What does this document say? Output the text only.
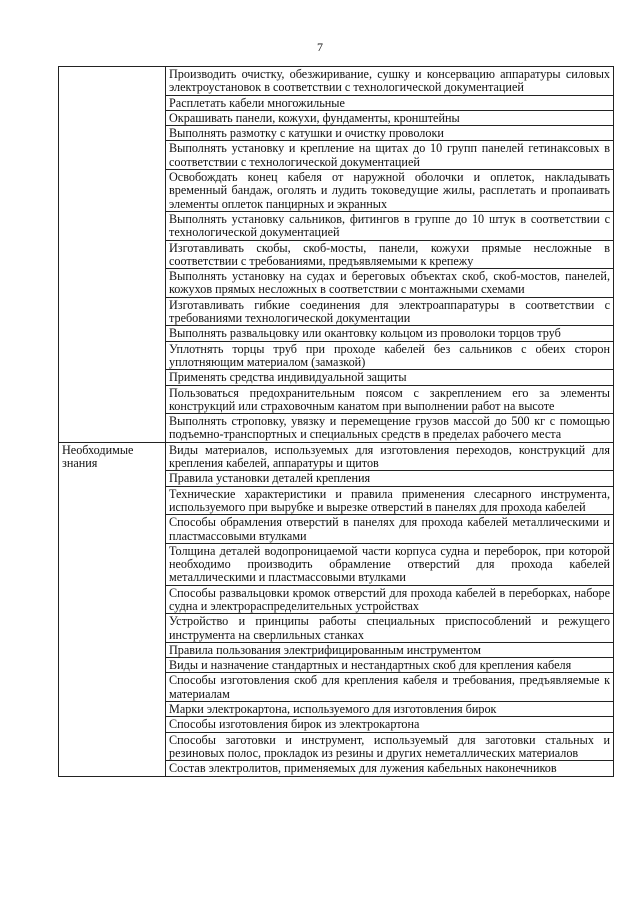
7
	Производить очистку, обезжиривание, сушку и консервацию аппаратуры силовых электроустановок в соответствии с технологической документацией
	Расплетать кабели многожильные
	Окрашивать панели, кожухи, фундаменты, кронштейны
	Выполнять размотку с катушки и очистку проволоки
	Выполнять установку и крепление на щитах до 10 групп панелей гетинаксовых в соответствии с технологической документацией
	Освобождать конец кабеля от наружной оболочки и оплеток, накладывать временный бандаж, оголять и лудить токоведущие жилы, расплетать и пропаивать элементы оплеток панцирных и экранных
	Выполнять установку сальников, фитингов в группе до 10 штук в соответствии с технологической документацией
	Изготавливать скобы, скоб-мосты, панели, кожухи прямые несложные в соответствии с требованиями, предъявляемыми к крепежу
	Выполнять установку на судах и береговых объектах скоб, скоб-мостов, панелей, кожухов прямых несложных в соответствии с монтажными схемами
	Изготавливать гибкие соединения для электроаппаратуры в соответствии с требованиями технологической документации
	Выполнять развальцовку или окантовку кольцом из проволоки торцов труб
	Уплотнять торцы труб при проходе кабелей без сальников с обеих сторон уплотняющим материалом (замазкой)
	Применять средства индивидуальной защиты
	Пользоваться предохранительным поясом с закреплением его за элементы конструкций или страховочным канатом при выполнении работ на высоте
	Выполнять строповку, увязку и перемещение грузов массой до 500 кг с помощью подъемно-транспортных и специальных средств в пределах рабочего места
Необходимые знания	Виды материалов, используемых для изготовления переходов, конструкций для крепления кабелей, аппаратуры и щитов
	Правила установки деталей крепления
	Технические характеристики и правила применения слесарного инструмента, используемого при вырубке и вырезке отверстий в панелях для прохода кабелей
	Способы обрамления отверстий в панелях для прохода кабелей металлическими и пластмассовыми втулками
	Толщина деталей водопроницаемой части корпуса судна и переборок, при которой необходимо производить обрамление отверстий для прохода кабелей металлическими и пластмассовыми втулками
	Способы развальцовки кромок отверстий для прохода кабелей в переборках, наборе судна и электрораспределительных устройствах
	Устройство и принципы работы специальных приспособлений и режущего инструмента на сверлильных станках
	Правила пользования электрифицированным инструментом
	Виды и назначение стандартных и нестандартных скоб для крепления кабеля
	Способы изготовления скоб для крепления кабеля и требования, предъявляемые к материалам
	Марки электрокартона, используемого для изготовления бирок
	Способы изготовления бирок из электрокартона
	Способы заготовки и инструмент, используемый для заготовки стальных и резиновых полос, прокладок из резины и других неметаллических материалов
	Состав электролитов, применяемых для лужения кабельных наконечников
